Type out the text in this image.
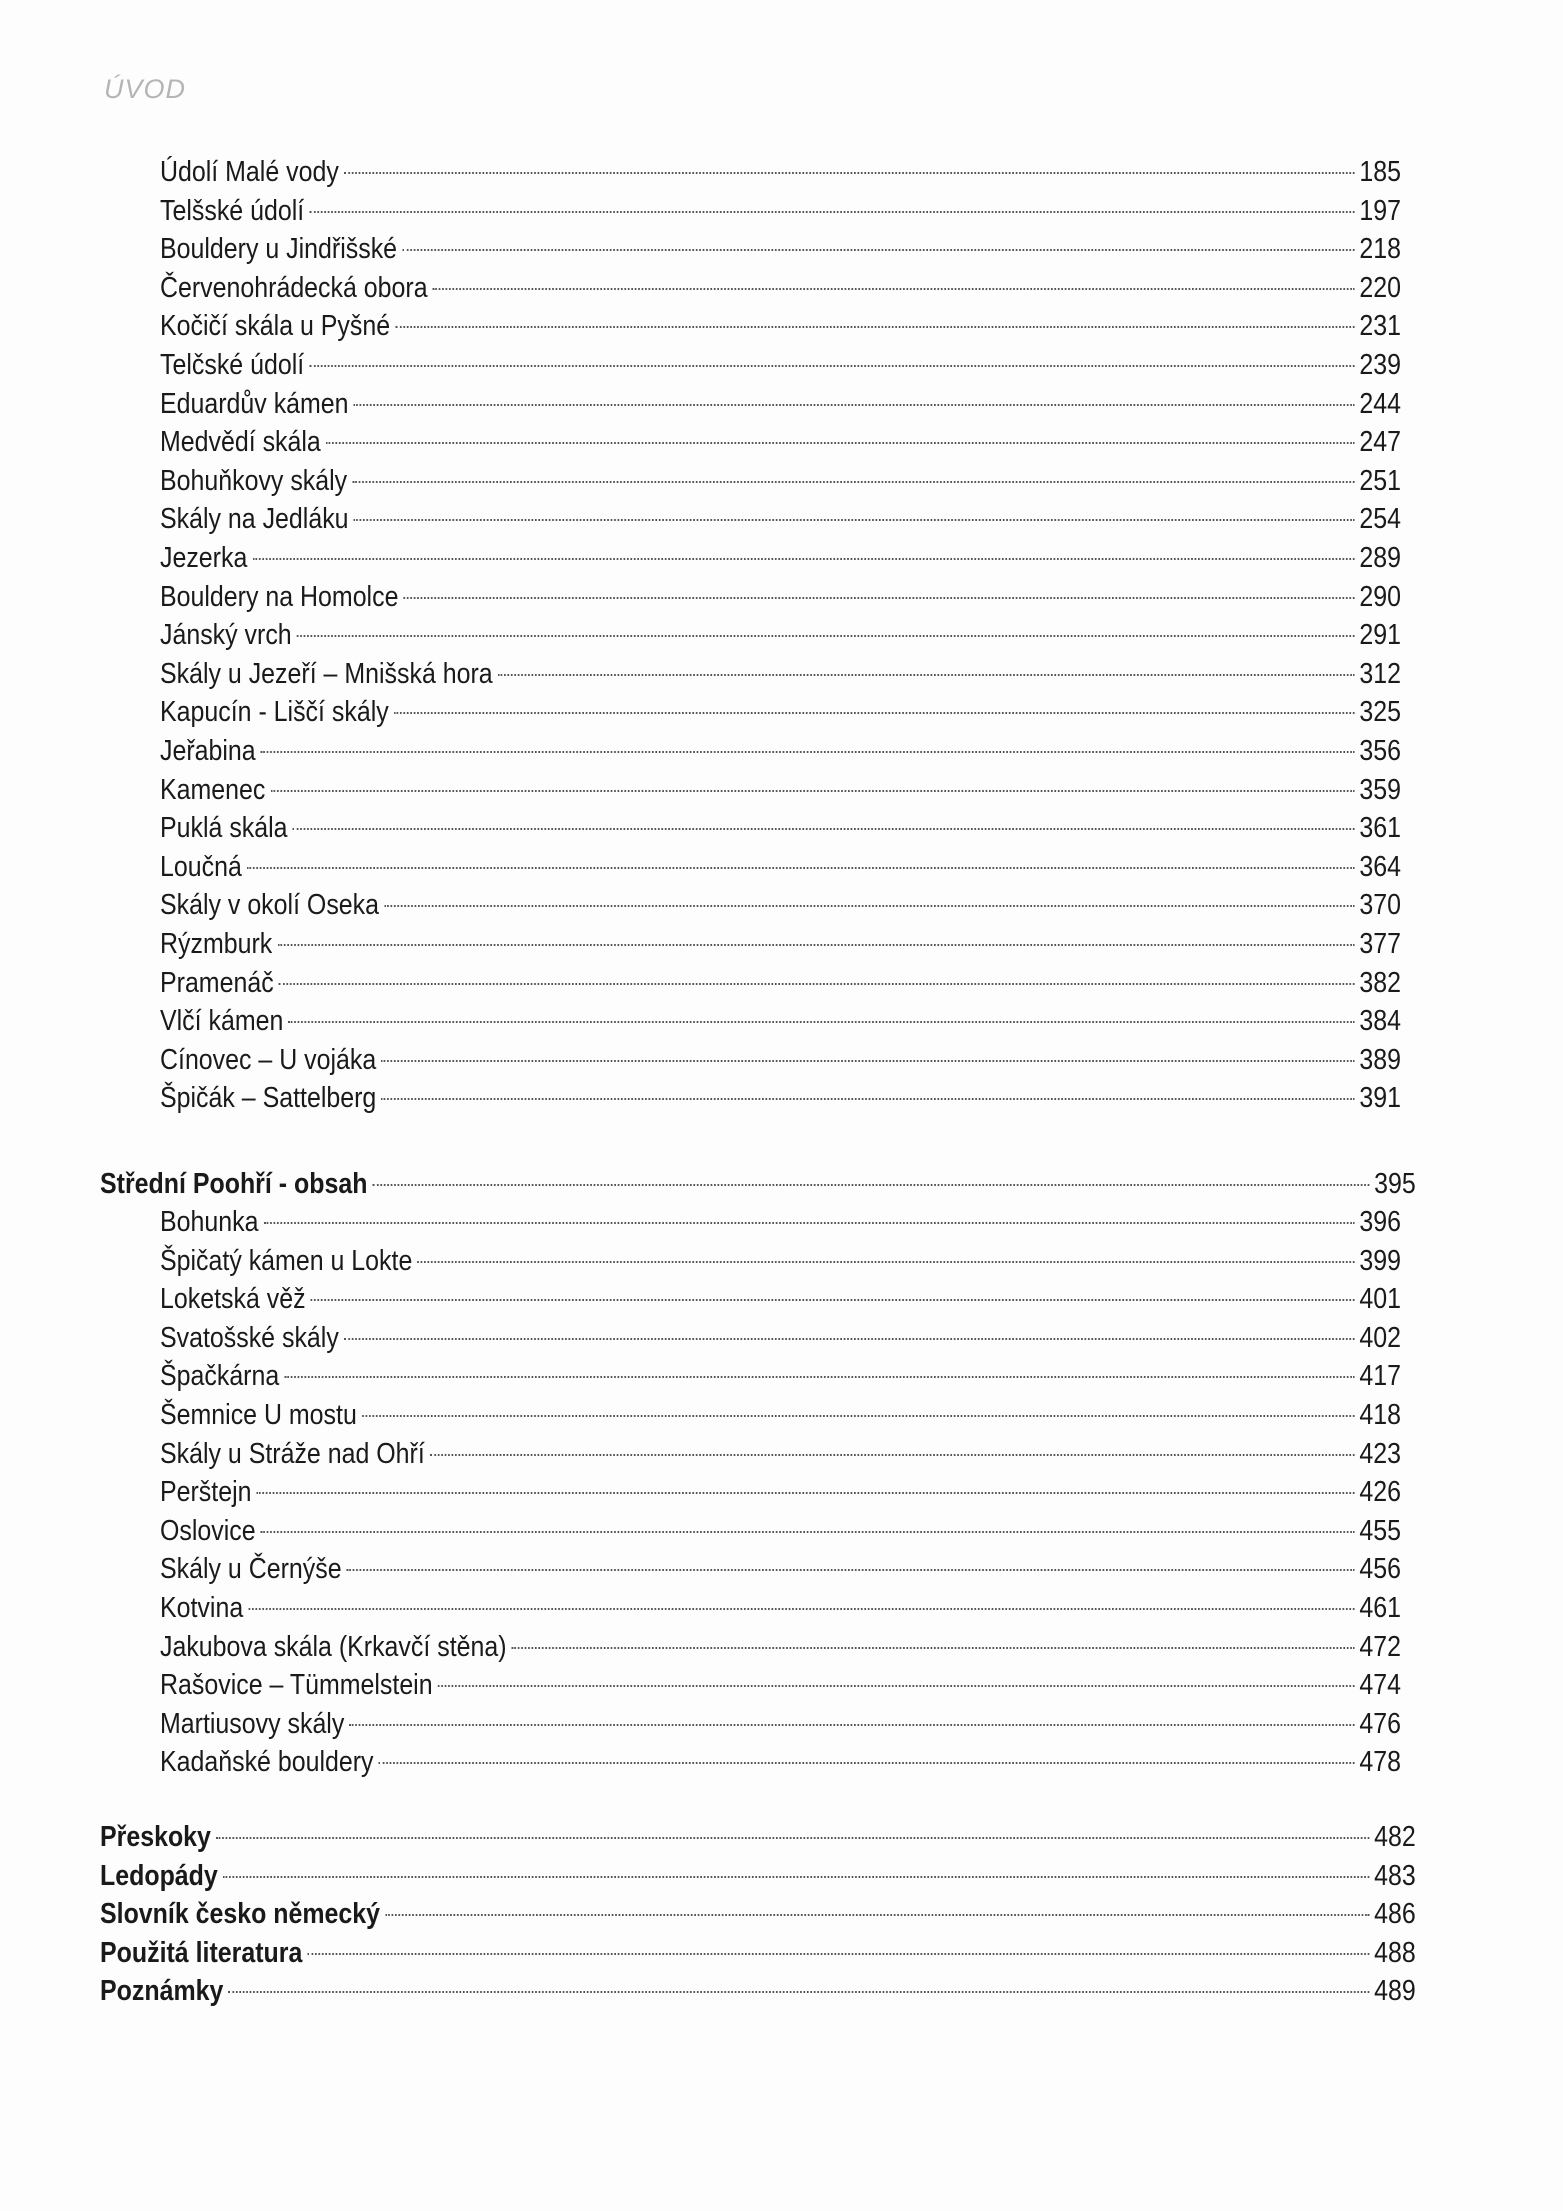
ÚVOD
Údolí Malé vody	185
Telšské údolí	197
Bouldery u Jindřišské	218
Červenohrádecká obora	220
Kočičí skála u Pyšné	231
Telčské údolí	239
Eduardův kámen	244
Medvědí skála	247
Bohuňkovy skály	251
Skály na Jedláku	254
Jezerka	289
Bouldery na Homolce	290
Jánský vrch	291
Skály u Jezeří – Mnišská hora	312
Kapucín - Liščí skály	325
Jeřabina	356
Kamenec	359
Puklá skála	361
Loučná	364
Skály v okolí Oseka	370
Rýzmburk	377
Pramenáč	382
Vlčí kámen	384
Cínovec – U vojáka	389
Špičák – Sattelberg	391
Střední Poohří - obsah	395
Bohunka	396
Špičatý kámen u Lokte	399
Loketská věž	401
Svatošské skály	402
Špačkárna	417
Šemnice U mostu	418
Skály u Stráže nad Ohří	423
Perštejn	426
Oslovice	455
Skály u Černýše	456
Kotvina	461
Jakubova skála (Krkavčí stěna)	472
Rašovice – Tümmelstein	474
Martiusovy skály	476
Kadaňské bouldery	478
Přeskoky	482
Ledopády	483
Slovník česko německý	486
Použitá literatura	488
Poznámky	489
